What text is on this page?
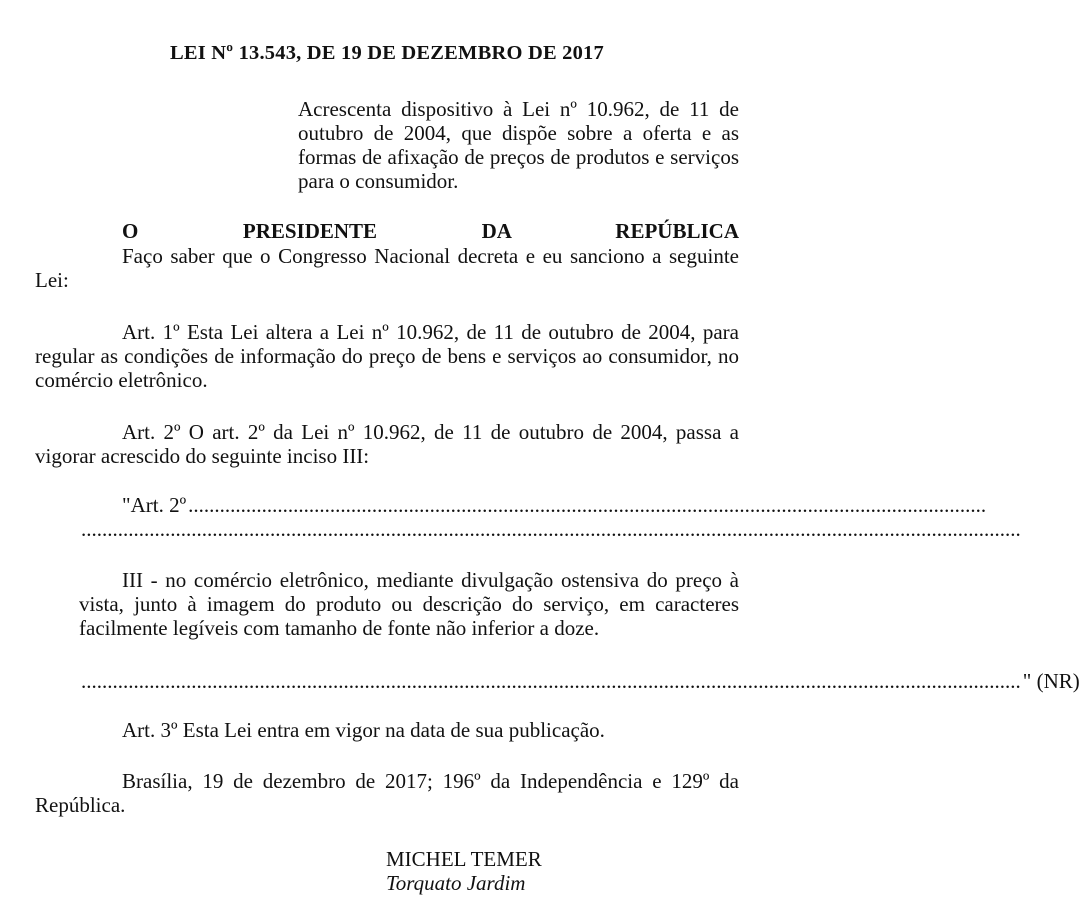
LEI Nº 13.543, DE 19 DE DEZEMBRO DE 2017

Acrescenta dispositivo à Lei nº 10.962, de 11 de outubro de 2004, que dispõe sobre a oferta e as formas de afixação de preços de produtos e serviços para o consumidor.

O PRESIDENTE DA REPÚBLICA

Faço saber que o Congresso Nacional decreta e eu sanciono a seguinte Lei:

Art. 1º Esta Lei altera a Lei nº 10.962, de 11 de outubro de 2004, para regular as condições de informação do preço de bens e serviços ao consumidor, no comércio eletrônico.

Art. 2º O art. 2º da Lei nº 10.962, de 11 de outubro de 2004, passa a vigorar acrescido do seguinte inciso III:

"Art. 2º ........................................................................................................................................................
...................................................................................................................................................................................

III - no comércio eletrônico, mediante divulgação ostensiva do preço à vista, junto à imagem do produto ou descrição do serviço, em caracteres facilmente legíveis com tamanho de fonte não inferior a doze.

................................................................................................................................................................................... " (NR)

Art. 3º Esta Lei entra em vigor na data de sua publicação.

Brasília, 19 de dezembro de 2017; 196º da Independência e 129º da República.

MICHEL TEMER
Torquato Jardim
